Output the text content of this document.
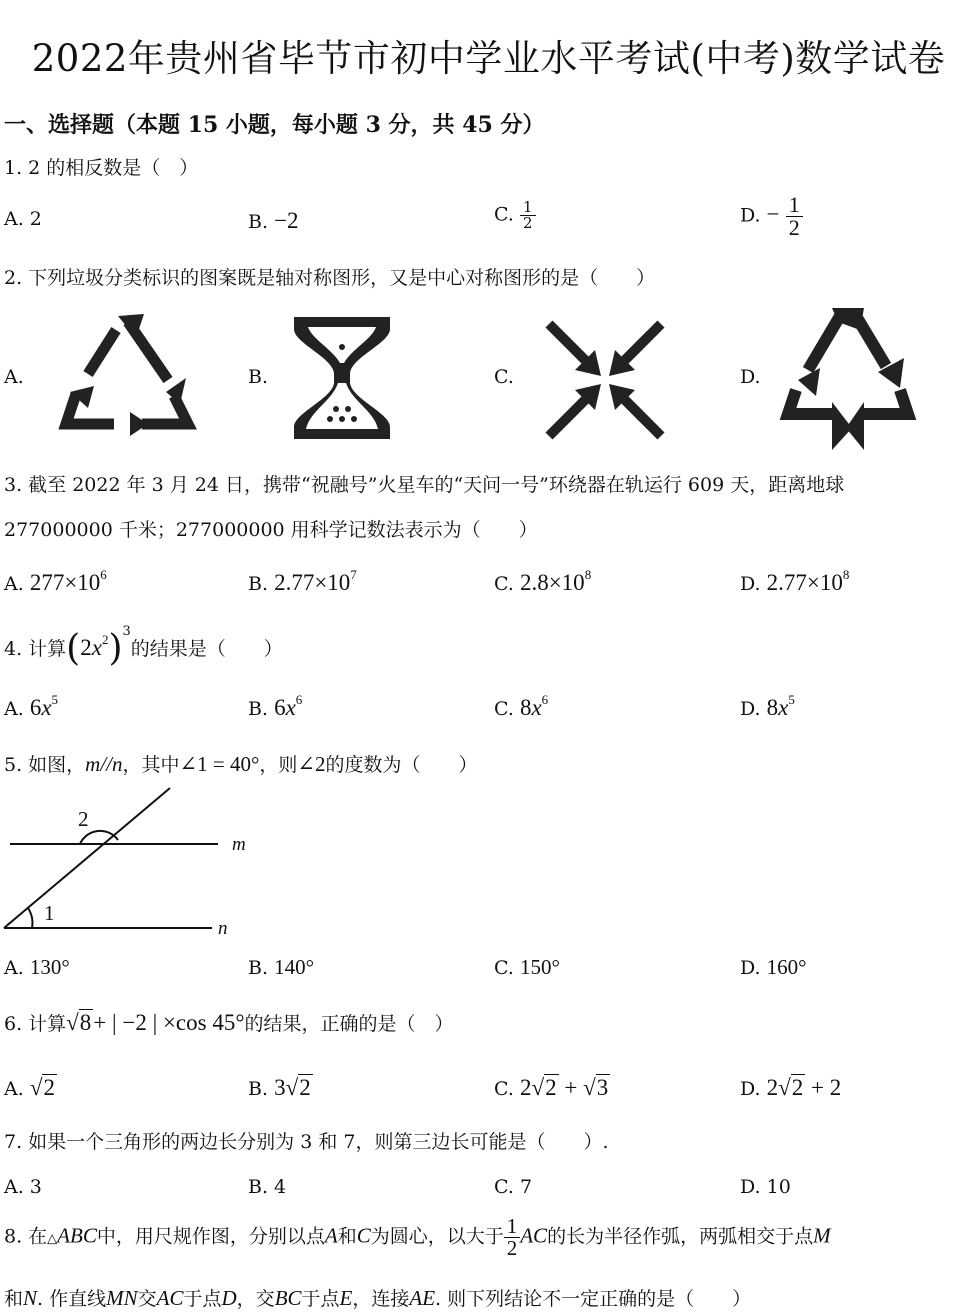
2022年贵州省毕节市初中学业水平考试(中考)数学试卷
一、选择题（本题 15 小题，每小题 3 分，共 45 分）
1. 2 的相反数是（　）
A. 2	B. −2	C. $\frac{1}{2}$	D. − $\frac{1}{2}$
2. 下列垃圾分类标识的图案既是轴对称图形，又是中心对称图形的是（　　）
A.	B.	C.	D.
3. 截至 2022 年 3 月 24 日，携带“祝融号”火星车的“天问一号”环绕器在轨运行 609 天，距离地球
277000000 千米；277000000 用科学记数法表示为（　　）
A. $277\times 10^6$	B. $2.77\times 10^7$	C. $2.8\times 10^8$	D. $2.77\times 10^8$
4. 计算$(2x^2)^3$的结果是（　　）
A. $6x^5$	B. $6x^6$	C. $8x^6$	D. $8x^5$
5. 如图，m//n，其中∠1 = 40°，则∠2的度数为（　　）
m
n
2
1
A. 130°	B. 140°	C. 150°	D. 160°
6. 计算√8+ | −2 | ×cos 45°的结果，正确的是（　）
A. √2	B. 3√2	C. 2√2 + √3	D. 2√2 + 2
7. 如果一个三角形的两边长分别为 3 和 7，则第三边长可能是（　　）.
A. 3	B. 4	C. 7	D. 10
8. 在△ABC中，用尺规作图，分别以点A和C为圆心，以大于 $\frac{1}{2}$ AC的长为半径作弧，两弧相交于点M
和N. 作直线MN交AC于点D，交BC于点E，连接AE. 则下列结论不一定正确的是（　　）
